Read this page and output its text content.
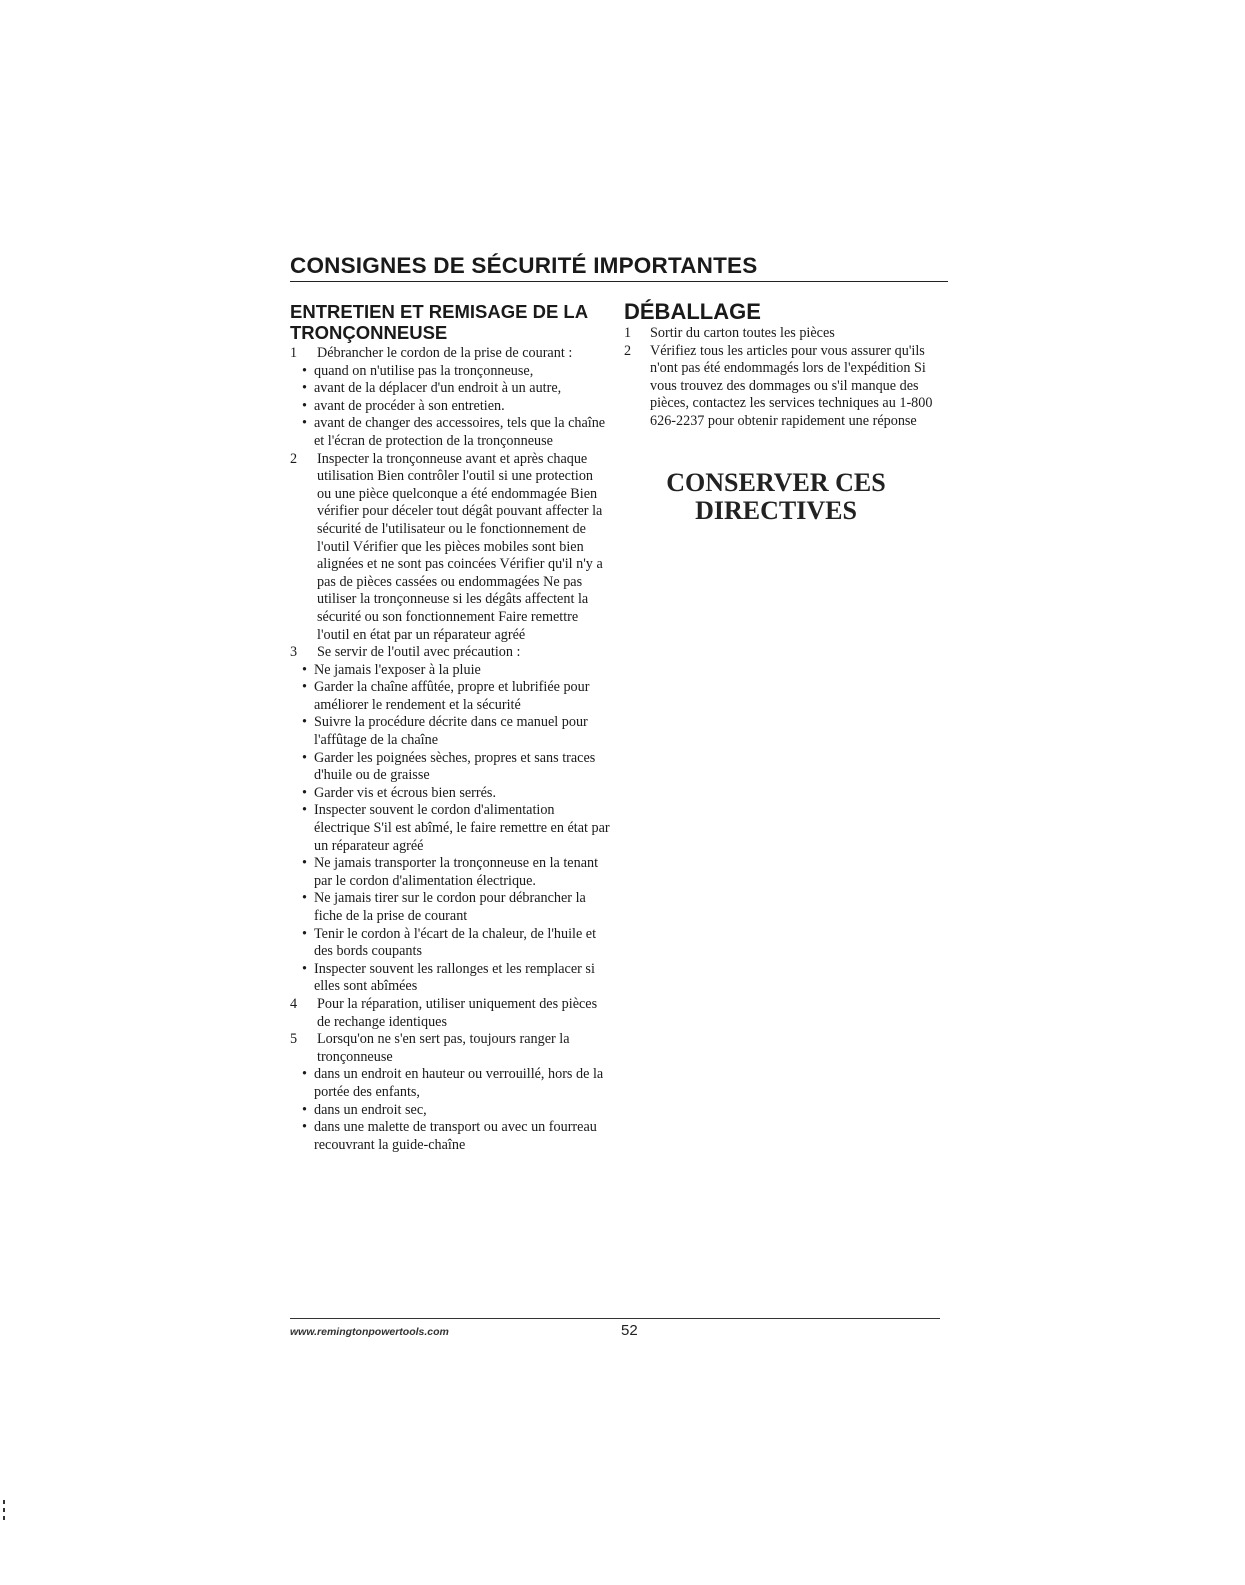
CONSIGNES DE SÉCURITÉ IMPORTANTES
ENTRETIEN ET REMISAGE DE LA TRONÇONNEUSE
1 Débrancher le cordon de la prise de courant :

• quand on n'utilise pas la tronçonneuse,
• avant de la déplacer d'un endroit à un autre,
• avant de procéder à son entretien.
• avant de changer des accessoires, tels que la chaîne et l'écran de protection de la tronçonneuse
2 Inspecter la tronçonneuse avant et après chaque utilisation Bien contrôler l'outil si une protection ou une pièce quelconque a été endommagée Bien vérifier pour déceler tout dégât pouvant affecter la sécurité de l'utilisateur ou le fonctionnement de l'outil Vérifier que les pièces mobiles sont bien alignées et ne sont pas coincées Vérifier qu'il n'y a pas de pièces cassées ou endommagées Ne pas utiliser la tronçonneuse si les dégâts affectent la sécurité ou son fonctionnement Faire remettre l'outil en état par un réparateur agréé

3 Se servir de l'outil avec précaution :

• Ne jamais l'exposer à la pluie
• Garder la chaîne affûtée, propre et lubrifiée pour améliorer le rendement et la sécurité
• Suivre la procédure décrite dans ce manuel pour l'affûtage de la chaîne
• Garder les poignées sèches, propres et sans traces d'huile ou de graisse
• Garder vis et écrous bien serrés.
• Inspecter souvent le cordon d'alimentation électrique S'il est abîmé, le faire remettre en état par un réparateur agréé
• Ne jamais transporter la tronçonneuse en la tenant par le cordon d'alimentation électrique.
• Ne jamais tirer sur le cordon pour débrancher la fiche de la prise de courant
• Tenir le cordon à l'écart de la chaleur, de l'huile et des bords coupants
• Inspecter souvent les rallonges et les remplacer si elles sont abîmées
4 Pour la réparation, utiliser uniquement des pièces de rechange identiques

5 Lorsqu'on ne s'en sert pas, toujours ranger la tronçonneuse

• dans un endroit en hauteur ou verrouillé, hors de la portée des enfants,
• dans un endroit sec,
• dans une malette de transport ou avec un fourreau recouvrant la guide-chaîne
DÉBALLAGE
1 Sortir du carton toutes les pièces

2 Vérifiez tous les articles pour vous assurer qu'ils n'ont pas été endommagés lors de l'expédition Si vous trouvez des dommages ou s'il manque des pièces, contactez les services techniques au 1-800 626-2237 pour obtenir rapidement une réponse

CONSERVER CES
DIRECTIVES
www.remingtonpowertools.com	52
